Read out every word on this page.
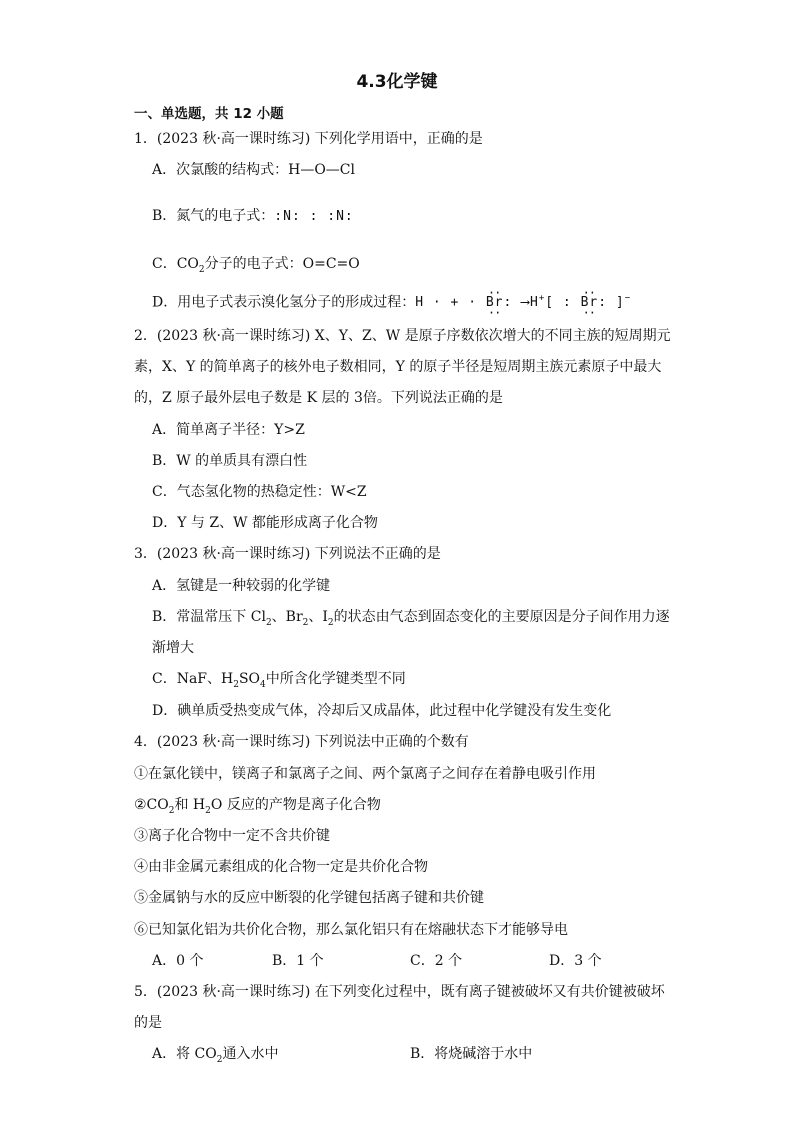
4.3化学键
一、单选题，共 12 小题
1．(2023 秋·高一课时练习) 下列化学用语中，正确的是
A．次氯酸的结构式：H—O—Cl
B．氮气的电子式：:N: : :N:
C．$CO_2$分子的电子式：O=C=O
D．用电子式表示溴化氢分子的形成过程：H · + · ·· Br ··: ⟶H+[ : ·· Br ··: ]−
2．(2023 秋·高一课时练习) X、Y、Z、W 是原子序数依次增大的不同主族的短周期元
素，X、Y 的简单离子的核外电子数相同，Y 的原子半径是短周期主族元素原子中最大
的，Z 原子最外层电子数是 K 层的 3倍。下列说法正确的是
A．简单离子半径：Y>Z
B．W 的单质具有漂白性
C．气态氢化物的热稳定性：W<Z
D．Y 与 Z、W 都能形成离子化合物
3．(2023 秋·高一课时练习) 下列说法不正确的是
A．氢键是一种较弱的化学键
B．常温常压下 $Cl_2$、$Br_2$、$I_2$的状态由气态到固态变化的主要原因是分子间作用力逐
渐增大
C．NaF、$H_2SO_4$中所含化学键类型不同
D．碘单质受热变成气体，冷却后又成晶体，此过程中化学键没有发生变化
4．(2023 秋·高一课时练习) 下列说法中正确的个数有
①在氯化镁中，镁离子和氯离子之间、两个氯离子之间存在着静电吸引作用
$②CO_2$和 $H_2O$ 反应的产物是离子化合物
③离子化合物中一定不含共价键
④由非金属元素组成的化合物一定是共价化合物
⑤金属钠与水的反应中断裂的化学键包括离子键和共价键
⑥已知氯化铝为共价化合物，那么氯化铝只有在熔融状态下才能够导电
A．0 个	B．1 个	C．2 个	D．3 个
5．(2023 秋·高一课时练习) 在下列变化过程中，既有离子键被破坏又有共价键被破坏
的是
A．将 $CO_2$通入水中	B．将烧碱溶于水中
